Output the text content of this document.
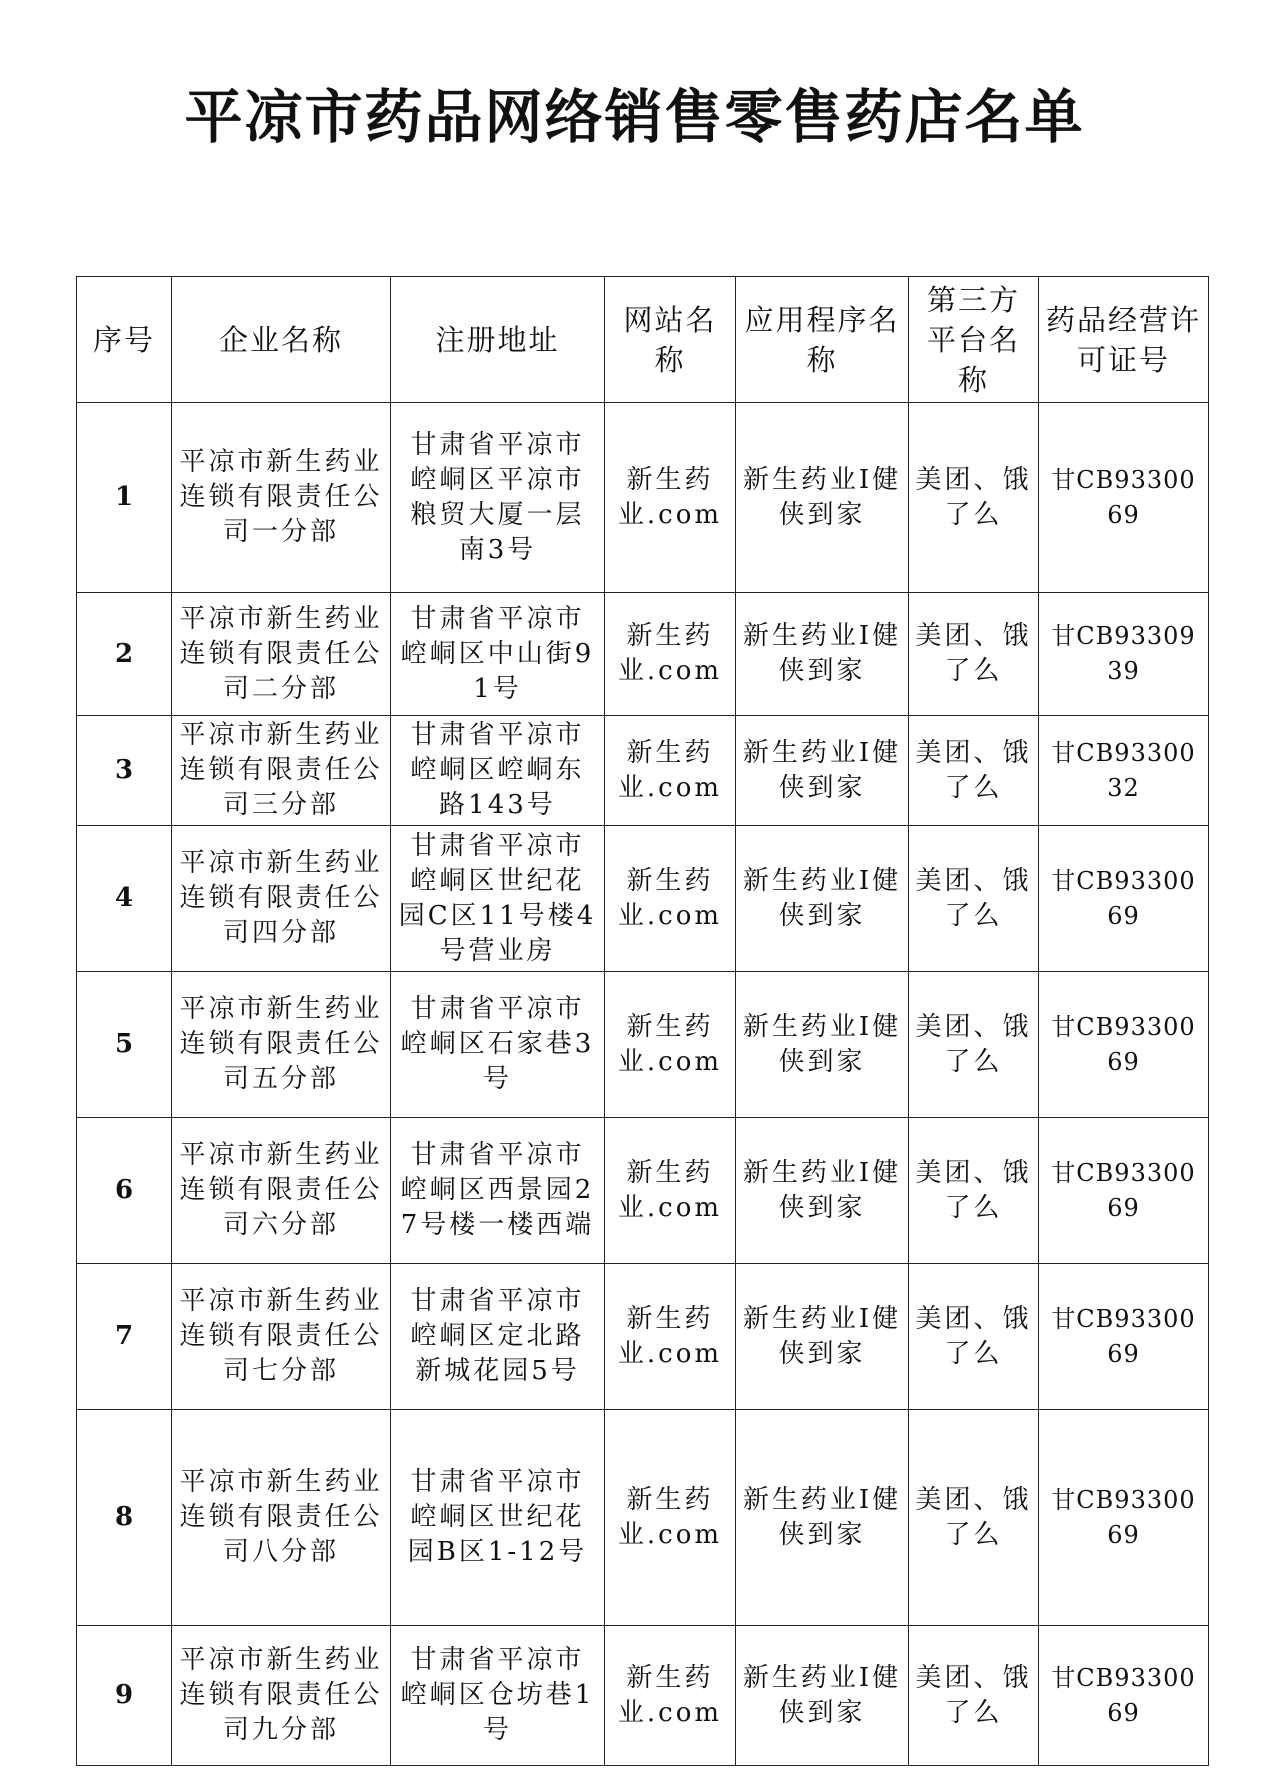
平凉市药品网络销售零售药店名单
序号	企业名称	注册地址	网站名称	应用程序名称	第三方平台名称	药品经营许可证号
1	平凉市新生药业连锁有限责任公司一分部	甘肃省平凉市崆峒区平凉市粮贸大厦一层南3号	新生药业.com	新生药业I健侠到家	美团、饿了么	甘CB9330069
2	平凉市新生药业连锁有限责任公司二分部	甘肃省平凉市崆峒区中山街91号	新生药业.com	新生药业I健侠到家	美团、饿了么	甘CB9330939
3	平凉市新生药业连锁有限责任公司三分部	甘肃省平凉市崆峒区崆峒东路143号	新生药业.com	新生药业I健侠到家	美团、饿了么	甘CB9330032
4	平凉市新生药业连锁有限责任公司四分部	甘肃省平凉市崆峒区世纪花园C区11号楼4号营业房	新生药业.com	新生药业I健侠到家	美团、饿了么	甘CB9330069
5	平凉市新生药业连锁有限责任公司五分部	甘肃省平凉市崆峒区石家巷3号	新生药业.com	新生药业I健侠到家	美团、饿了么	甘CB9330069
6	平凉市新生药业连锁有限责任公司六分部	甘肃省平凉市崆峒区西景园27号楼一楼西端	新生药业.com	新生药业I健侠到家	美团、饿了么	甘CB9330069
7	平凉市新生药业连锁有限责任公司七分部	甘肃省平凉市崆峒区定北路新城花园5号	新生药业.com	新生药业I健侠到家	美团、饿了么	甘CB9330069
8	平凉市新生药业连锁有限责任公司八分部	甘肃省平凉市崆峒区世纪花园B区1-12号	新生药业.com	新生药业I健侠到家	美团、饿了么	甘CB9330069
9	平凉市新生药业连锁有限责任公司九分部	甘肃省平凉市崆峒区仓坊巷1号	新生药业.com	新生药业I健侠到家	美团、饿了么	甘CB9330069
